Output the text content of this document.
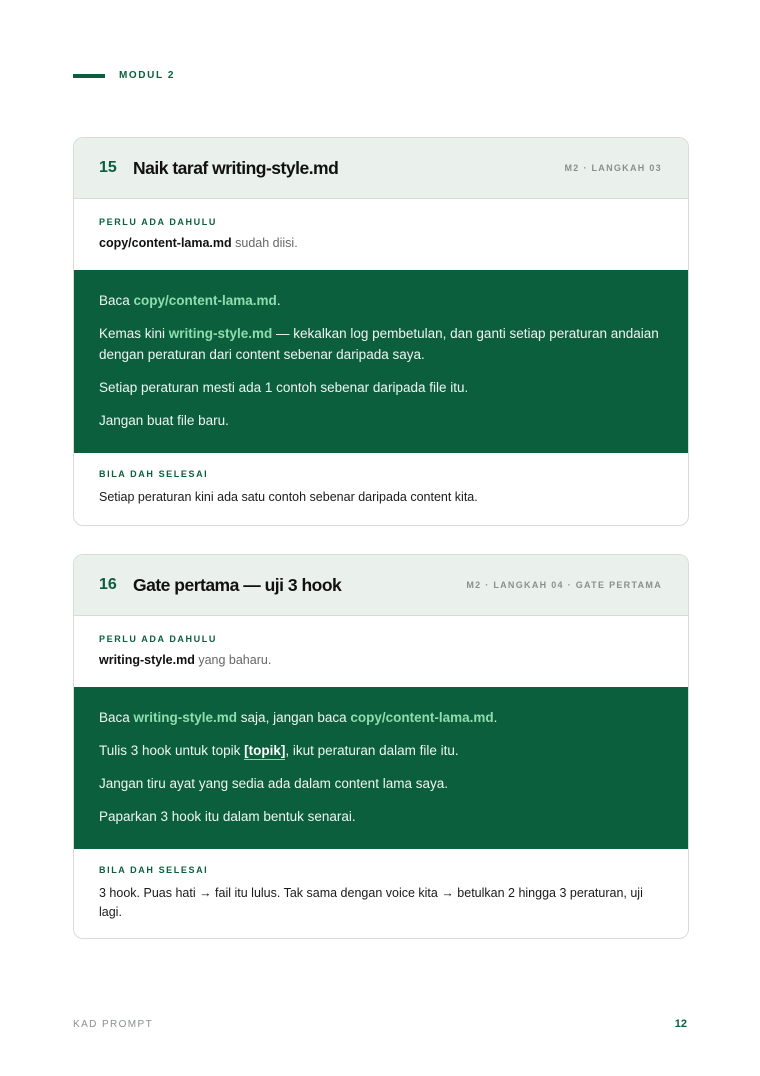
MODUL 2
15 Naik taraf writing-style.md	M2 · LANGKAH 03
PERLU ADA DAHULU
copy/content-lama.md sudah diisi.

Baca copy/content-lama.md.

Kemas kini writing-style.md — kekalkan log pembetulan, dan ganti setiap peraturan andaian dengan peraturan dari content sebenar daripada saya.

Setiap peraturan mesti ada 1 contoh sebenar daripada file itu.

Jangan buat file baru.

BILA DAH SELESAI
Setiap peraturan kini ada satu contoh sebenar daripada content kita.
16 Gate pertama — uji 3 hook	M2 · LANGKAH 04 · GATE PERTAMA
PERLU ADA DAHULU
writing-style.md yang baharu.

Baca writing-style.md saja, jangan baca copy/content-lama.md.

Tulis 3 hook untuk topik [topik], ikut peraturan dalam file itu.

Jangan tiru ayat yang sedia ada dalam content lama saya.

Paparkan 3 hook itu dalam bentuk senarai.

BILA DAH SELESAI
3 hook. Puas hati → fail itu lulus. Tak sama dengan voice kita → betulkan 2 hingga 3 peraturan, uji lagi.
KAD PROMPT	12
